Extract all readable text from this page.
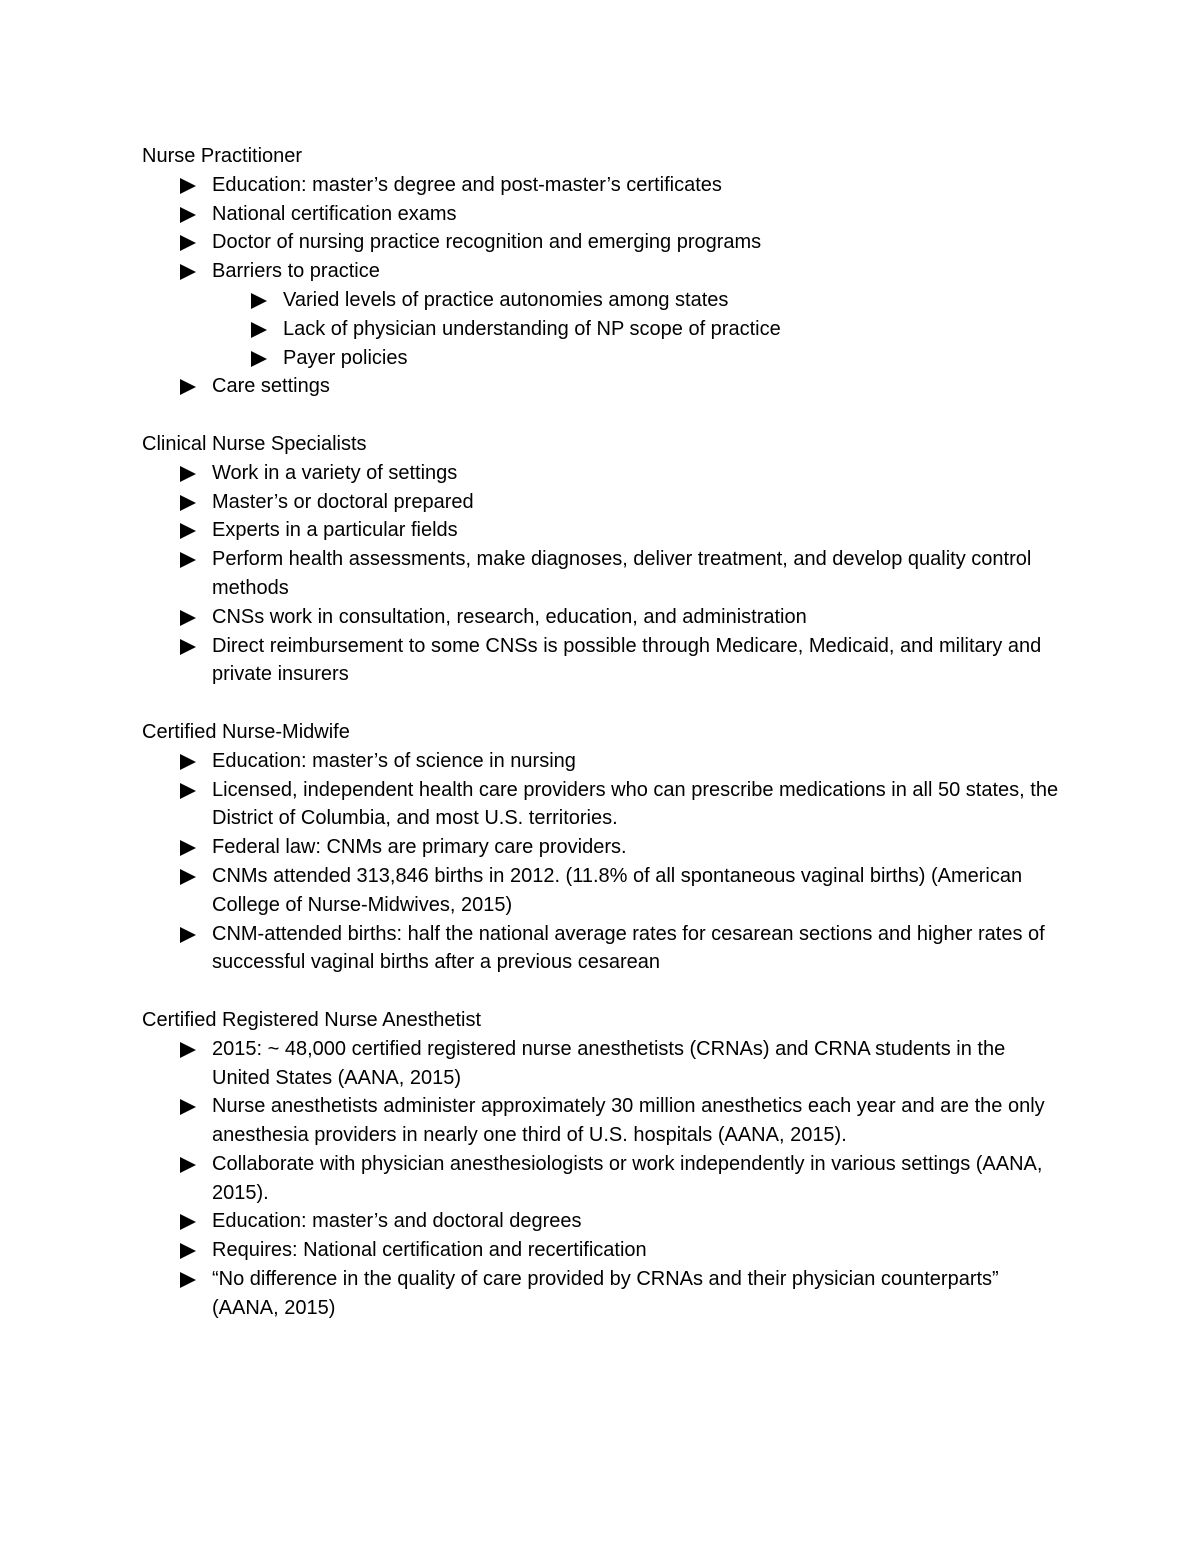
Nurse Practitioner

Education: master’s degree and post-master’s certificates
National certification exams
Doctor of nursing practice recognition and emerging programs
Barriers to practice
Varied levels of practice autonomies among states
Lack of physician understanding of NP scope of practice
Payer policies
Care settings

Clinical Nurse Specialists

Work in a variety of settings
Master’s or doctoral prepared
Experts in a particular fields
Perform health assessments, make diagnoses, deliver treatment, and develop quality control methods
CNSs work in consultation, research, education, and administration
Direct reimbursement to some CNSs is possible through Medicare, Medicaid, and military and private insurers

Certified Nurse-Midwife

Education: master’s of science in nursing
Licensed, independent health care providers who can prescribe medications in all 50 states, the District of Columbia, and most U.S. territories.
Federal law: CNMs are primary care providers.
CNMs attended 313,846 births in 2012. (11.8% of all spontaneous vaginal births) (American College of Nurse-Midwives, 2015)
CNM-attended births: half the national average rates for cesarean sections and higher rates of successful vaginal births after a previous cesarean

Certified Registered Nurse Anesthetist

2015: ~ 48,000 certified registered nurse anesthetists (CRNAs) and CRNA students in the United States (AANA, 2015)
Nurse anesthetists administer approximately 30 million anesthetics each year and are the only anesthesia providers in nearly one third of U.S. hospitals (AANA, 2015).
Collaborate with physician anesthesiologists or work independently in various settings (AANA, 2015).
Education: master’s and doctoral degrees
Requires: National certification and recertification
“No difference in the quality of care provided by CRNAs and their physician counterparts” (AANA, 2015)
